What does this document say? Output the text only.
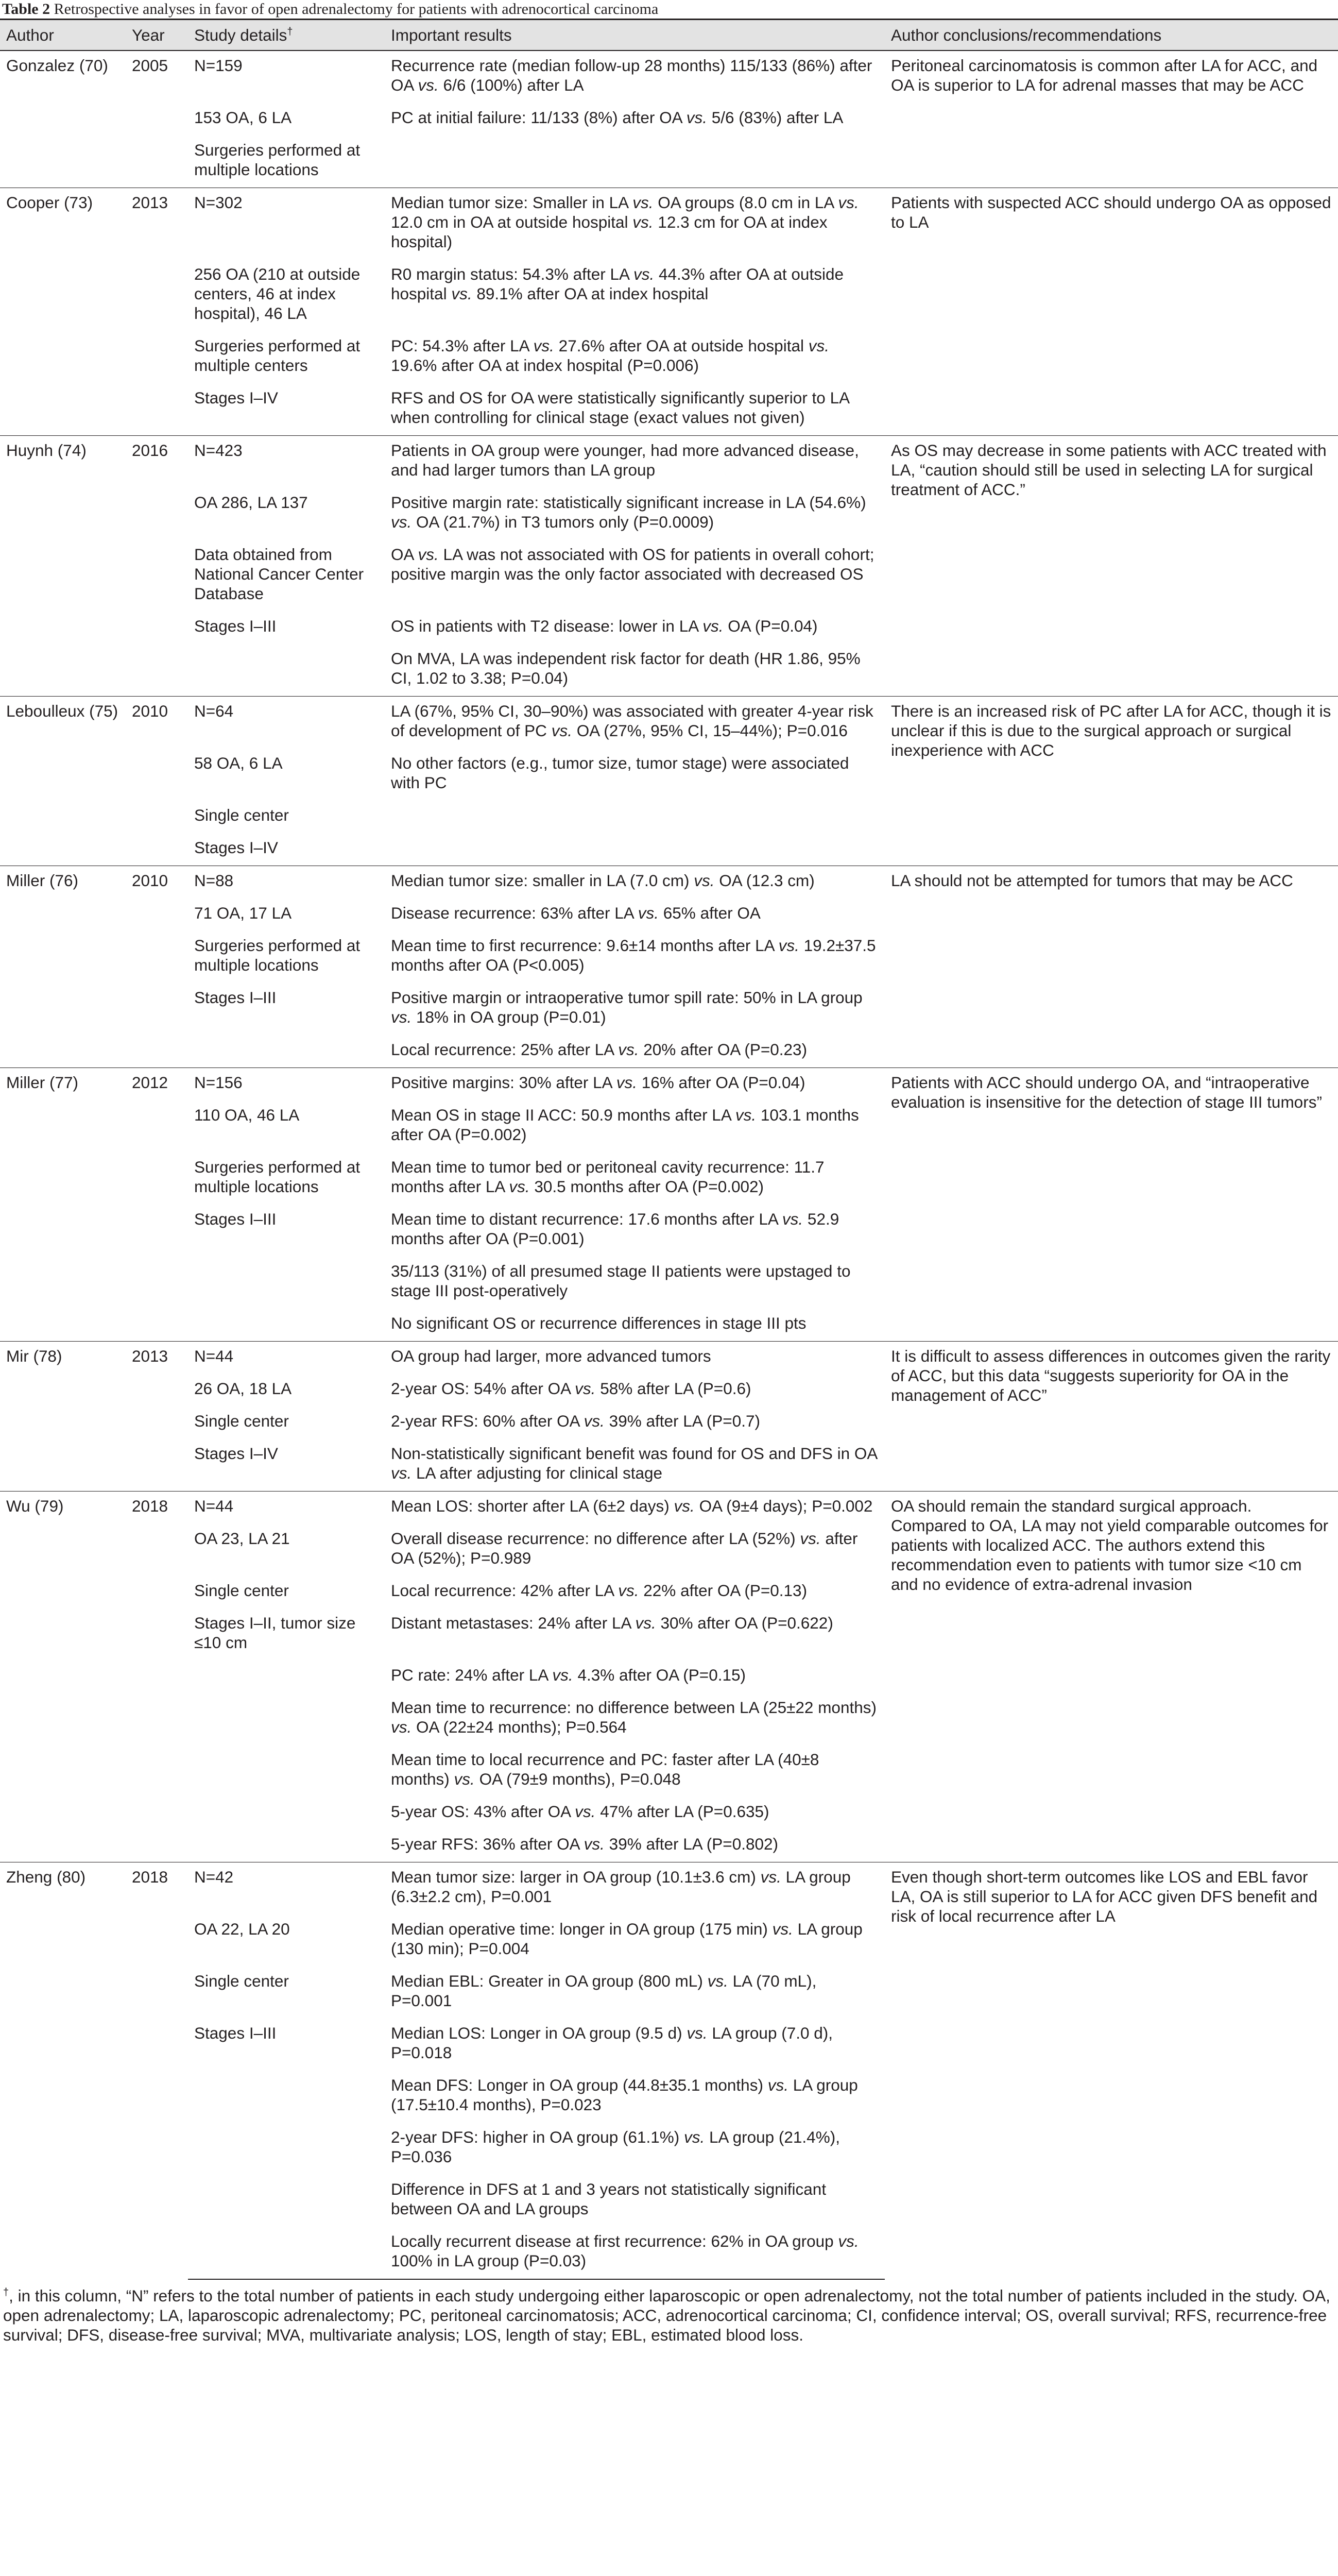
Table 2 Retrospective analyses in favor of open adrenalectomy for patients with adrenocortical carcinoma
Author	Year	Study details†	Important results	Author conclusions/recommendations
Gonzalez (70)	2005	N=159	Recurrence rate (median follow-up 28 months) 115/133 (86%) after OA vs. 6/6 (100%) after LA	Peritoneal carcinomatosis is common after LA for ACC, and OA is superior to LA for adrenal masses that may be ACC
		153 OA, 6 LA	PC at initial failure: 11/133 (8%) after OA vs. 5/6 (83%) after LA	
		Surgeries performed at multiple locations		
Cooper (73)	2013	N=302	Median tumor size: Smaller in LA vs. OA groups (8.0 cm in LA vs. 12.0 cm in OA at outside hospital vs. 12.3 cm for OA at index hospital)	Patients with suspected ACC should undergo OA as opposed to LA
		256 OA (210 at outside centers, 46 at index hospital), 46 LA	R0 margin status: 54.3% after LA vs. 44.3% after OA at outside hospital vs. 89.1% after OA at index hospital	
		Surgeries performed at multiple centers	PC: 54.3% after LA vs. 27.6% after OA at outside hospital vs. 19.6% after OA at index hospital (P=0.006)	
		Stages I–IV	RFS and OS for OA were statistically significantly superior to LA when controlling for clinical stage (exact values not given)	
Huynh (74)	2016	N=423	Patients in OA group were younger, had more advanced disease, and had larger tumors than LA group	As OS may decrease in some patients with ACC treated with LA, “caution should still be used in selecting LA for surgical treatment of ACC.”
		OA 286, LA 137	Positive margin rate: statistically significant increase in LA (54.6%) vs. OA (21.7%) in T3 tumors only (P=0.0009)	
		Data obtained from National Cancer Center Database	OA vs. LA was not associated with OS for patients in overall cohort; positive margin was the only factor associated with decreased OS	
		Stages I–III	OS in patients with T2 disease: lower in LA vs. OA (P=0.04)	
			On MVA, LA was independent risk factor for death (HR 1.86, 95% CI, 1.02 to 3.38; P=0.04)	
Leboulleux (75)	2010	N=64	LA (67%, 95% CI, 30–90%) was associated with greater 4-year risk of development of PC vs. OA (27%, 95% CI, 15–44%); P=0.016	There is an increased risk of PC after LA for ACC, though it is unclear if this is due to the surgical approach or surgical inexperience with ACC
		58 OA, 6 LA	No other factors (e.g., tumor size, tumor stage) were associated with PC	
		Single center		
		Stages I–IV		
Miller (76)	2010	N=88	Median tumor size: smaller in LA (7.0 cm) vs. OA (12.3 cm)	LA should not be attempted for tumors that may be ACC
		71 OA, 17 LA	Disease recurrence: 63% after LA vs. 65% after OA	
		Surgeries performed at multiple locations	Mean time to first recurrence: 9.6±14 months after LA vs. 19.2±37.5 months after OA (P<0.005)	
		Stages I–III	Positive margin or intraoperative tumor spill rate: 50% in LA group vs. 18% in OA group (P=0.01)	
			Local recurrence: 25% after LA vs. 20% after OA (P=0.23)	
Miller (77)	2012	N=156	Positive margins: 30% after LA vs. 16% after OA (P=0.04)	Patients with ACC should undergo OA, and “intraoperative evaluation is insensitive for the detection of stage III tumors”
		110 OA, 46 LA	Mean OS in stage II ACC: 50.9 months after LA vs. 103.1 months after OA (P=0.002)	
		Surgeries performed at multiple locations	Mean time to tumor bed or peritoneal cavity recurrence: 11.7 months after LA vs. 30.5 months after OA (P=0.002)	
		Stages I–III	Mean time to distant recurrence: 17.6 months after LA vs. 52.9 months after OA (P=0.001)	
			35/113 (31%) of all presumed stage II patients were upstaged to stage III post-operatively	
			No significant OS or recurrence differences in stage III pts	
Mir (78)	2013	N=44	OA group had larger, more advanced tumors	It is difficult to assess differences in outcomes given the rarity of ACC, but this data “suggests superiority for OA in the management of ACC”
		26 OA, 18 LA	2-year OS: 54% after OA vs. 58% after LA (P=0.6)	
		Single center	2-year RFS: 60% after OA vs. 39% after LA (P=0.7)	
		Stages I–IV	Non-statistically significant benefit was found for OS and DFS in OA vs. LA after adjusting for clinical stage	
Wu (79)	2018	N=44	Mean LOS: shorter after LA (6±2 days) vs. OA (9±4 days); P=0.002	OA should remain the standard surgical approach. Compared to OA, LA may not yield comparable outcomes for patients with localized ACC. The authors extend this recommendation even to patients with tumor size <10 cm and no evidence of extra-adrenal invasion
		OA 23, LA 21	Overall disease recurrence: no difference after LA (52%) vs. after OA (52%); P=0.989	
		Single center	Local recurrence: 42% after LA vs. 22% after OA (P=0.13)	
		Stages I–II, tumor size ≤10 cm	Distant metastases: 24% after LA vs. 30% after OA (P=0.622)	
			PC rate: 24% after LA vs. 4.3% after OA (P=0.15)	
			Mean time to recurrence: no difference between LA (25±22 months) vs. OA (22±24 months); P=0.564	
			Mean time to local recurrence and PC: faster after LA (40±8 months) vs. OA (79±9 months), P=0.048	
			5-year OS: 43% after OA vs. 47% after LA (P=0.635)	
			5-year RFS: 36% after OA vs. 39% after LA (P=0.802)	
Zheng (80)	2018	N=42	Mean tumor size: larger in OA group (10.1±3.6 cm) vs. LA group (6.3±2.2 cm), P=0.001	Even though short-term outcomes like LOS and EBL favor LA, OA is still superior to LA for ACC given DFS benefit and risk of local recurrence after LA
		OA 22, LA 20	Median operative time: longer in OA group (175 min) vs. LA group (130 min); P=0.004	
		Single center	Median EBL: Greater in OA group (800 mL) vs. LA (70 mL), P=0.001	
		Stages I–III	Median LOS: Longer in OA group (9.5 d) vs. LA group (7.0 d), P=0.018	
			Mean DFS: Longer in OA group (44.8±35.1 months) vs. LA group (17.5±10.4 months), P=0.023	
			2-year DFS: higher in OA group (61.1%) vs. LA group (21.4%), P=0.036	
			Difference in DFS at 1 and 3 years not statistically significant between OA and LA groups	
			Locally recurrent disease at first recurrence: 62% in OA group vs. 100% in LA group (P=0.03)	
†, in this column, “N” refers to the total number of patients in each study undergoing either laparoscopic or open adrenalectomy, not the total number of patients included in the study. OA, open adrenalectomy; LA, laparoscopic adrenalectomy; PC, peritoneal carcinomatosis; ACC, adrenocortical carcinoma; CI, confidence interval; OS, overall survival; RFS, recurrence-free survival; DFS, disease-free survival; MVA, multivariate analysis; LOS, length of stay; EBL, estimated blood loss.
